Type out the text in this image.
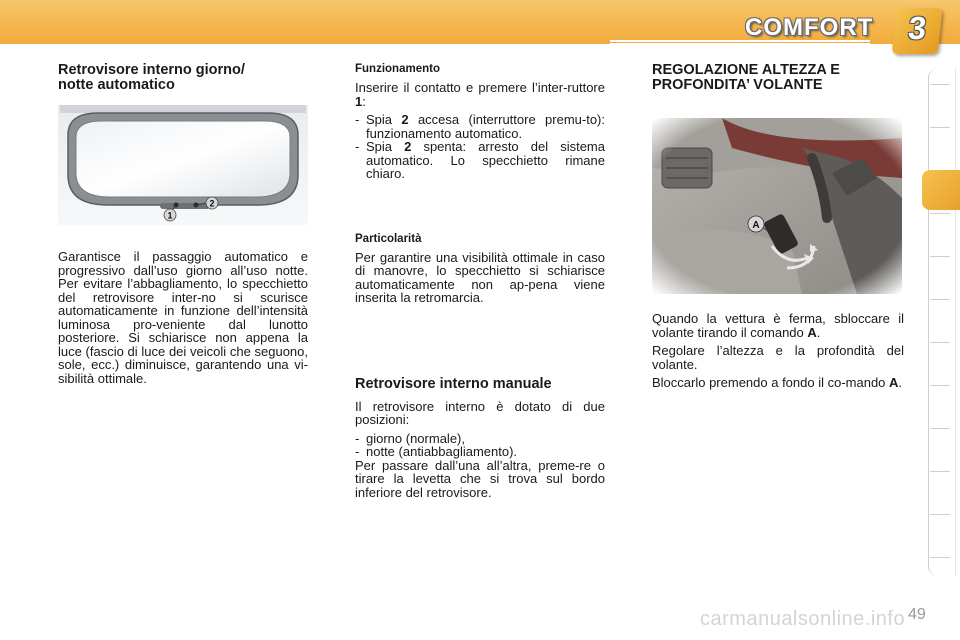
COMFORT	3
Retrovisore interno giorno/
notte automatico
1
2

Garantisce il passaggio automatico e progressivo dall’uso giorno all’uso notte. Per evitare l’abbagliamento, lo specchietto del retrovisore inter-no si scurisce automaticamente in funzione dell’intensità luminosa pro-veniente dal lunotto posteriore. Si schiarisce non appena la luce (fascio di luce dei veicoli che seguono, sole, ecc.) diminuisce, garantendo una vi-sibilità ottimale.

Funzionamento

Inserire il contatto e premere l’inter-ruttore 1:

- Spia 2 accesa (interruttore premu-to): funzionamento automatico.
- Spia 2 spenta: arresto del sistema automatico. Lo specchietto rimane chiaro.
Particolarità

Per garantire una visibilità ottimale in caso di manovre, lo specchietto si schiarisce automaticamente non ap-pena viene inserita la retromarcia.

Retrovisore interno manuale

Il retrovisore interno è dotato di due posizioni:

- giorno (normale),
- notte (antiabbagliamento).

Per passare dall’una all’altra, preme-re o tirare la levetta che si trova sul bordo inferiore del retrovisore.

REGOLAZIONE ALTEZZA E
PROFONDITA’ VOLANTE

Quando la vettura è ferma, sbloccare il volante tirando il comando A.

Regolare l’altezza e la profondità del volante.

Bloccarlo premendo a fondo il co-mando A.

carmanualsonline.info 49
